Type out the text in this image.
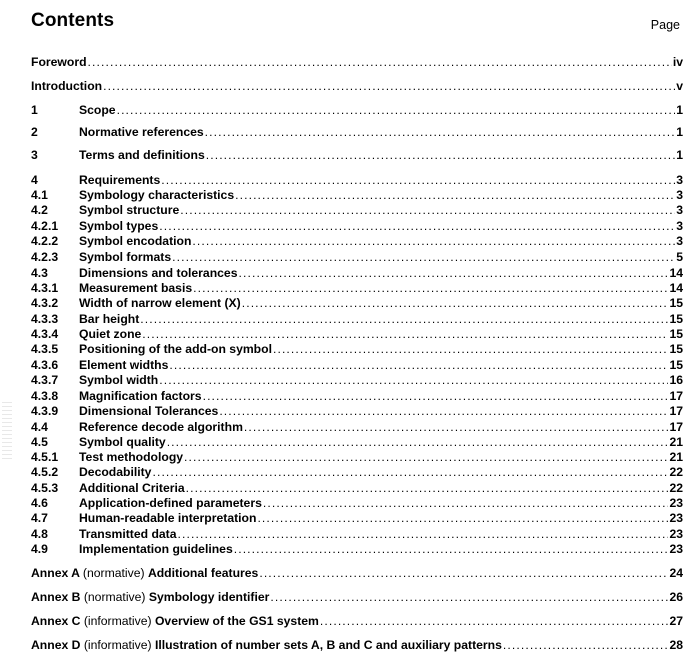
Contents	Page
Foreword .....	iv
Introduction .....	v
1	Scope .....	1
2	Normative references .....	1
3	Terms and definitions .....	1
4	Requirements .....	3
4.1	Symbology characteristics .....	3
4.2	Symbol structure .....	3
4.2.1 Symbol types .....	3
4.2.2 Symbol encodation .....	3
4.2.3 Symbol formats .....	5
4.3	Dimensions and tolerances .....	14
4.3.1 Measurement basis .....	14
4.3.2 Width of narrow element (X) .....	15
4.3.3 Bar height .....	15
4.3.4 Quiet zone .....	15
4.3.5 Positioning of the add-on symbol .....	15
4.3.6 Element widths .....	15
4.3.7 Symbol width .....	16
4.3.8 Magnification factors .....	17
4.3.9 Dimensional Tolerances .....	17
4.4	Reference decode algorithm .....	17
4.5	Symbol quality .....	21
4.5.1 Test methodology .....	21
4.5.2 Decodability .....	22
4.5.3 Additional Criteria .....	22
4.6	Application-defined parameters .....	23
4.7	Human-readable interpretation .....	23
4.8	Transmitted data .....	23
4.9	Implementation guidelines .....	23
Annex A (normative) Additional features .....	24
Annex B (normative) Symbology identifier .....	26
Annex C (informative) Overview of the GS1 system .....	27
Annex D (informative) Illustration of number sets A, B and C and auxiliary patterns .....	28
